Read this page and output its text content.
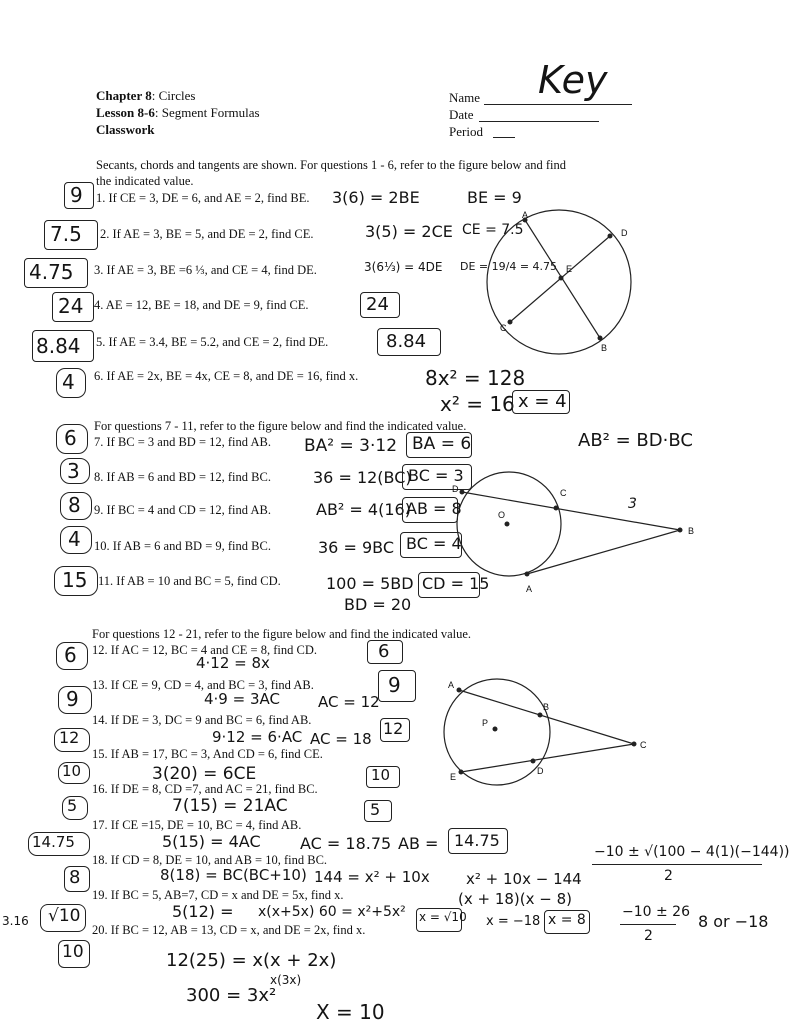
Chapter 8: Circles
Lesson 8-6: Segment Formulas
Classwork
Name
Date
Period
Key
Secants, chords and tangents are shown. For questions 1 - 6, refer to the figure below and find
the indicated value.
9 1. If CE = 3, DE = 6, and AE = 2, find BE. 3(6) = 2BE	BE = 9
7.5 2. If AE = 3, BE = 5, and DE = 2, find CE.	3(5) = 2CE CE = 7.5
4.75 3. If AE = 3, BE =6 ⅓, and CE = 4, find DE.	3(6⅓) = 4DE DE = 19/4 = 4.75
24 4. AE = 12, BE = 18, and DE = 9, find CE.	24
8.84 5. If AE = 3.4, BE = 5.2, and CE = 2, find DE.	8.84
4 6. If AE = 2x, BE = 4x, CE = 8, and DE = 16, find x.	8x² = 128
x² = 16 x = 4
A
D
E
C
B
For questions 7 - 11, refer to the figure below and find the indicated value.
AB² = BD·BC
6 7. If BC = 3 and BD = 12, find AB. BA² = 3·12 BA = 6
3 8. If AB = 6 and BD = 12, find BC.	36 = 12(BC)
BC = 3
8 9. If BC = 4 and CD = 12, find AB.	AB² = 4(16)
AB = 8
4 10. If AB = 6 and BD = 9, find BC.	36 = 9BC BC = 4
15 11. If AB = 10 and BC = 5, find CD.	100 = 5BD
BD = 20
CD = 15
D	C
O
B
A
3
For questions 12 - 21, refer to the figure below and find the indicated value.
6 12. If AC = 12, BC = 4 and CE = 8, find CD.
4·12 = 8x
6
9
13. If CE = 9, CD = 4, and BC = 3, find AB.
4·9 = 3AC	AC = 12
9
12
14. If DE = 3, DC = 9 and BC = 6, find AB.
9·12 = 6·AC AC = 18
12
10
15. If AB = 17, BC = 3, And CD = 6, find CE.
3(20) = 6CE	10
5
16. If DE = 8, CD =7, and AC = 21, find BC.
7(15) = 21AC	5
14.75
17. If CE =15, DE = 10, BC = 4, find AB.
5(15) = 4AC AC = 18.75 AB = 14.75
8
18. If CD = 8, DE = 10, and AB = 10, find BC.
8(18) = BC(BC+10) 144 = x² + 10x
3.16 √10
19. If BC = 5, AB=7, CD = x and DE = 5x, find x.
5(12) = x(x+5x) 60 = x²+5x² x = √10
10
20. If BC = 12, AB = 13, CD = x, and DE = 2x, find x.
12(25) = x(x + 2x)
x(3x)
300 = 3x²
X = 10
x² + 10x − 144
(x + 18)(x − 8)
x = −18 x = 8
−10 ± √(100 − 4(1)(−144))
2
−10 ± 26
2
8 or −18
A
B
P
C
D
E
